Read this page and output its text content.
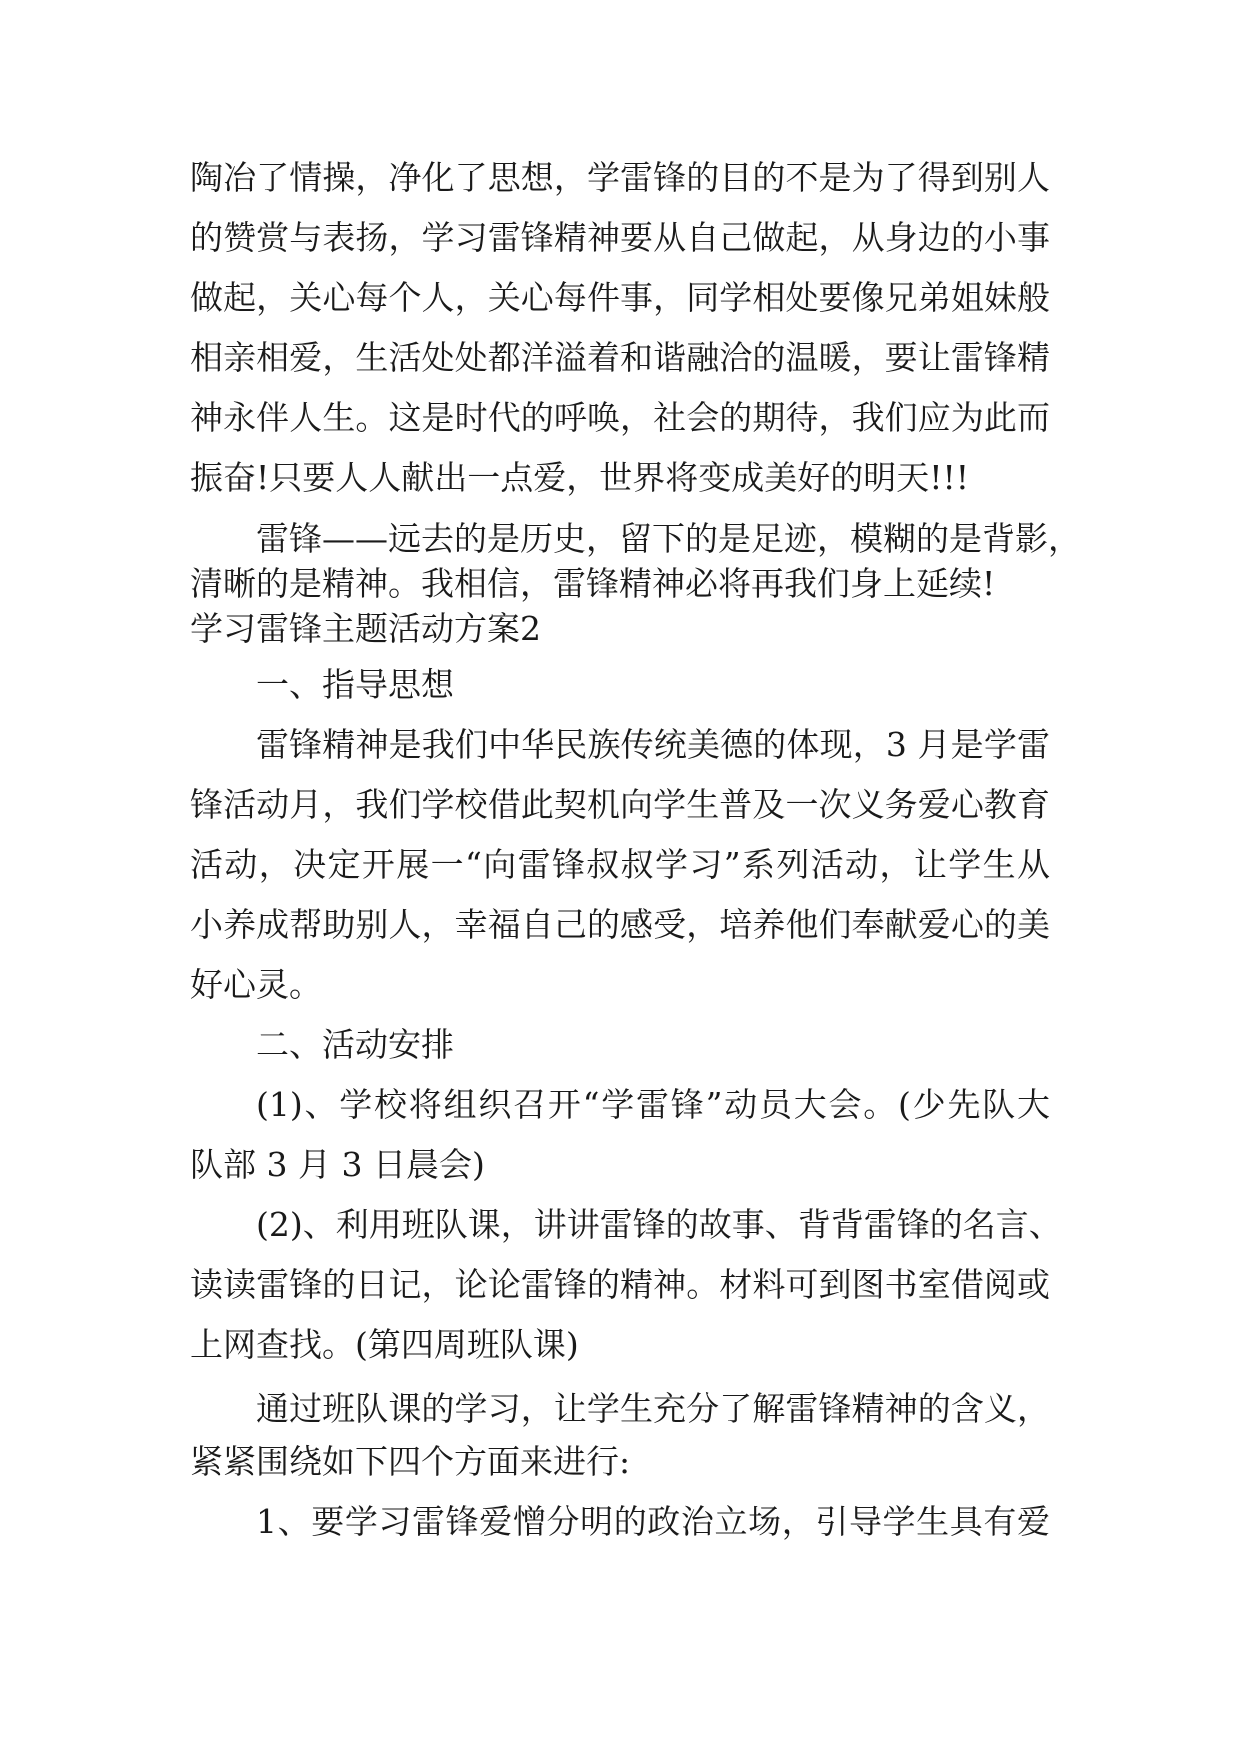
陶冶了情操，净化了思想，学雷锋的目的不是为了得到别人
的赞赏与表扬，学习雷锋精神要从自己做起，从身边的小事
做起，关心每个人，关心每件事，同学相处要像兄弟姐妹般
相亲相爱，生活处处都洋溢着和谐融洽的温暖，要让雷锋精
神永伴人生。这是时代的呼唤，社会的期待，我们应为此而
振奋!只要人人献出一点爱，世界将变成美好的明天!!!
雷锋——远去的是历史，留下的是足迹，模糊的是背影，
清晰的是精神。我相信，雷锋精神必将再我们身上延续!
学习雷锋主题活动方案2
一、指导思想
雷锋精神是我们中华民族传统美德的体现，3 月是学雷
锋活动月，我们学校借此契机向学生普及一次义务爱心教育
活动，决定开展一“向雷锋叔叔学习”系列活动，让学生从
小养成帮助别人，幸福自己的感受，培养他们奉献爱心的美
好心灵。
二、活动安排
(1)、学校将组织召开“学雷锋”动员大会。(少先队大
队部 3 月 3 日晨会)
(2)、利用班队课，讲讲雷锋的故事、背背雷锋的名言、
读读雷锋的日记，论论雷锋的精神。材料可到图书室借阅或
上网查找。(第四周班队课)
通过班队课的学习，让学生充分了解雷锋精神的含义，
紧紧围绕如下四个方面来进行:
1、要学习雷锋爱憎分明的政治立场，引导学生具有爱
